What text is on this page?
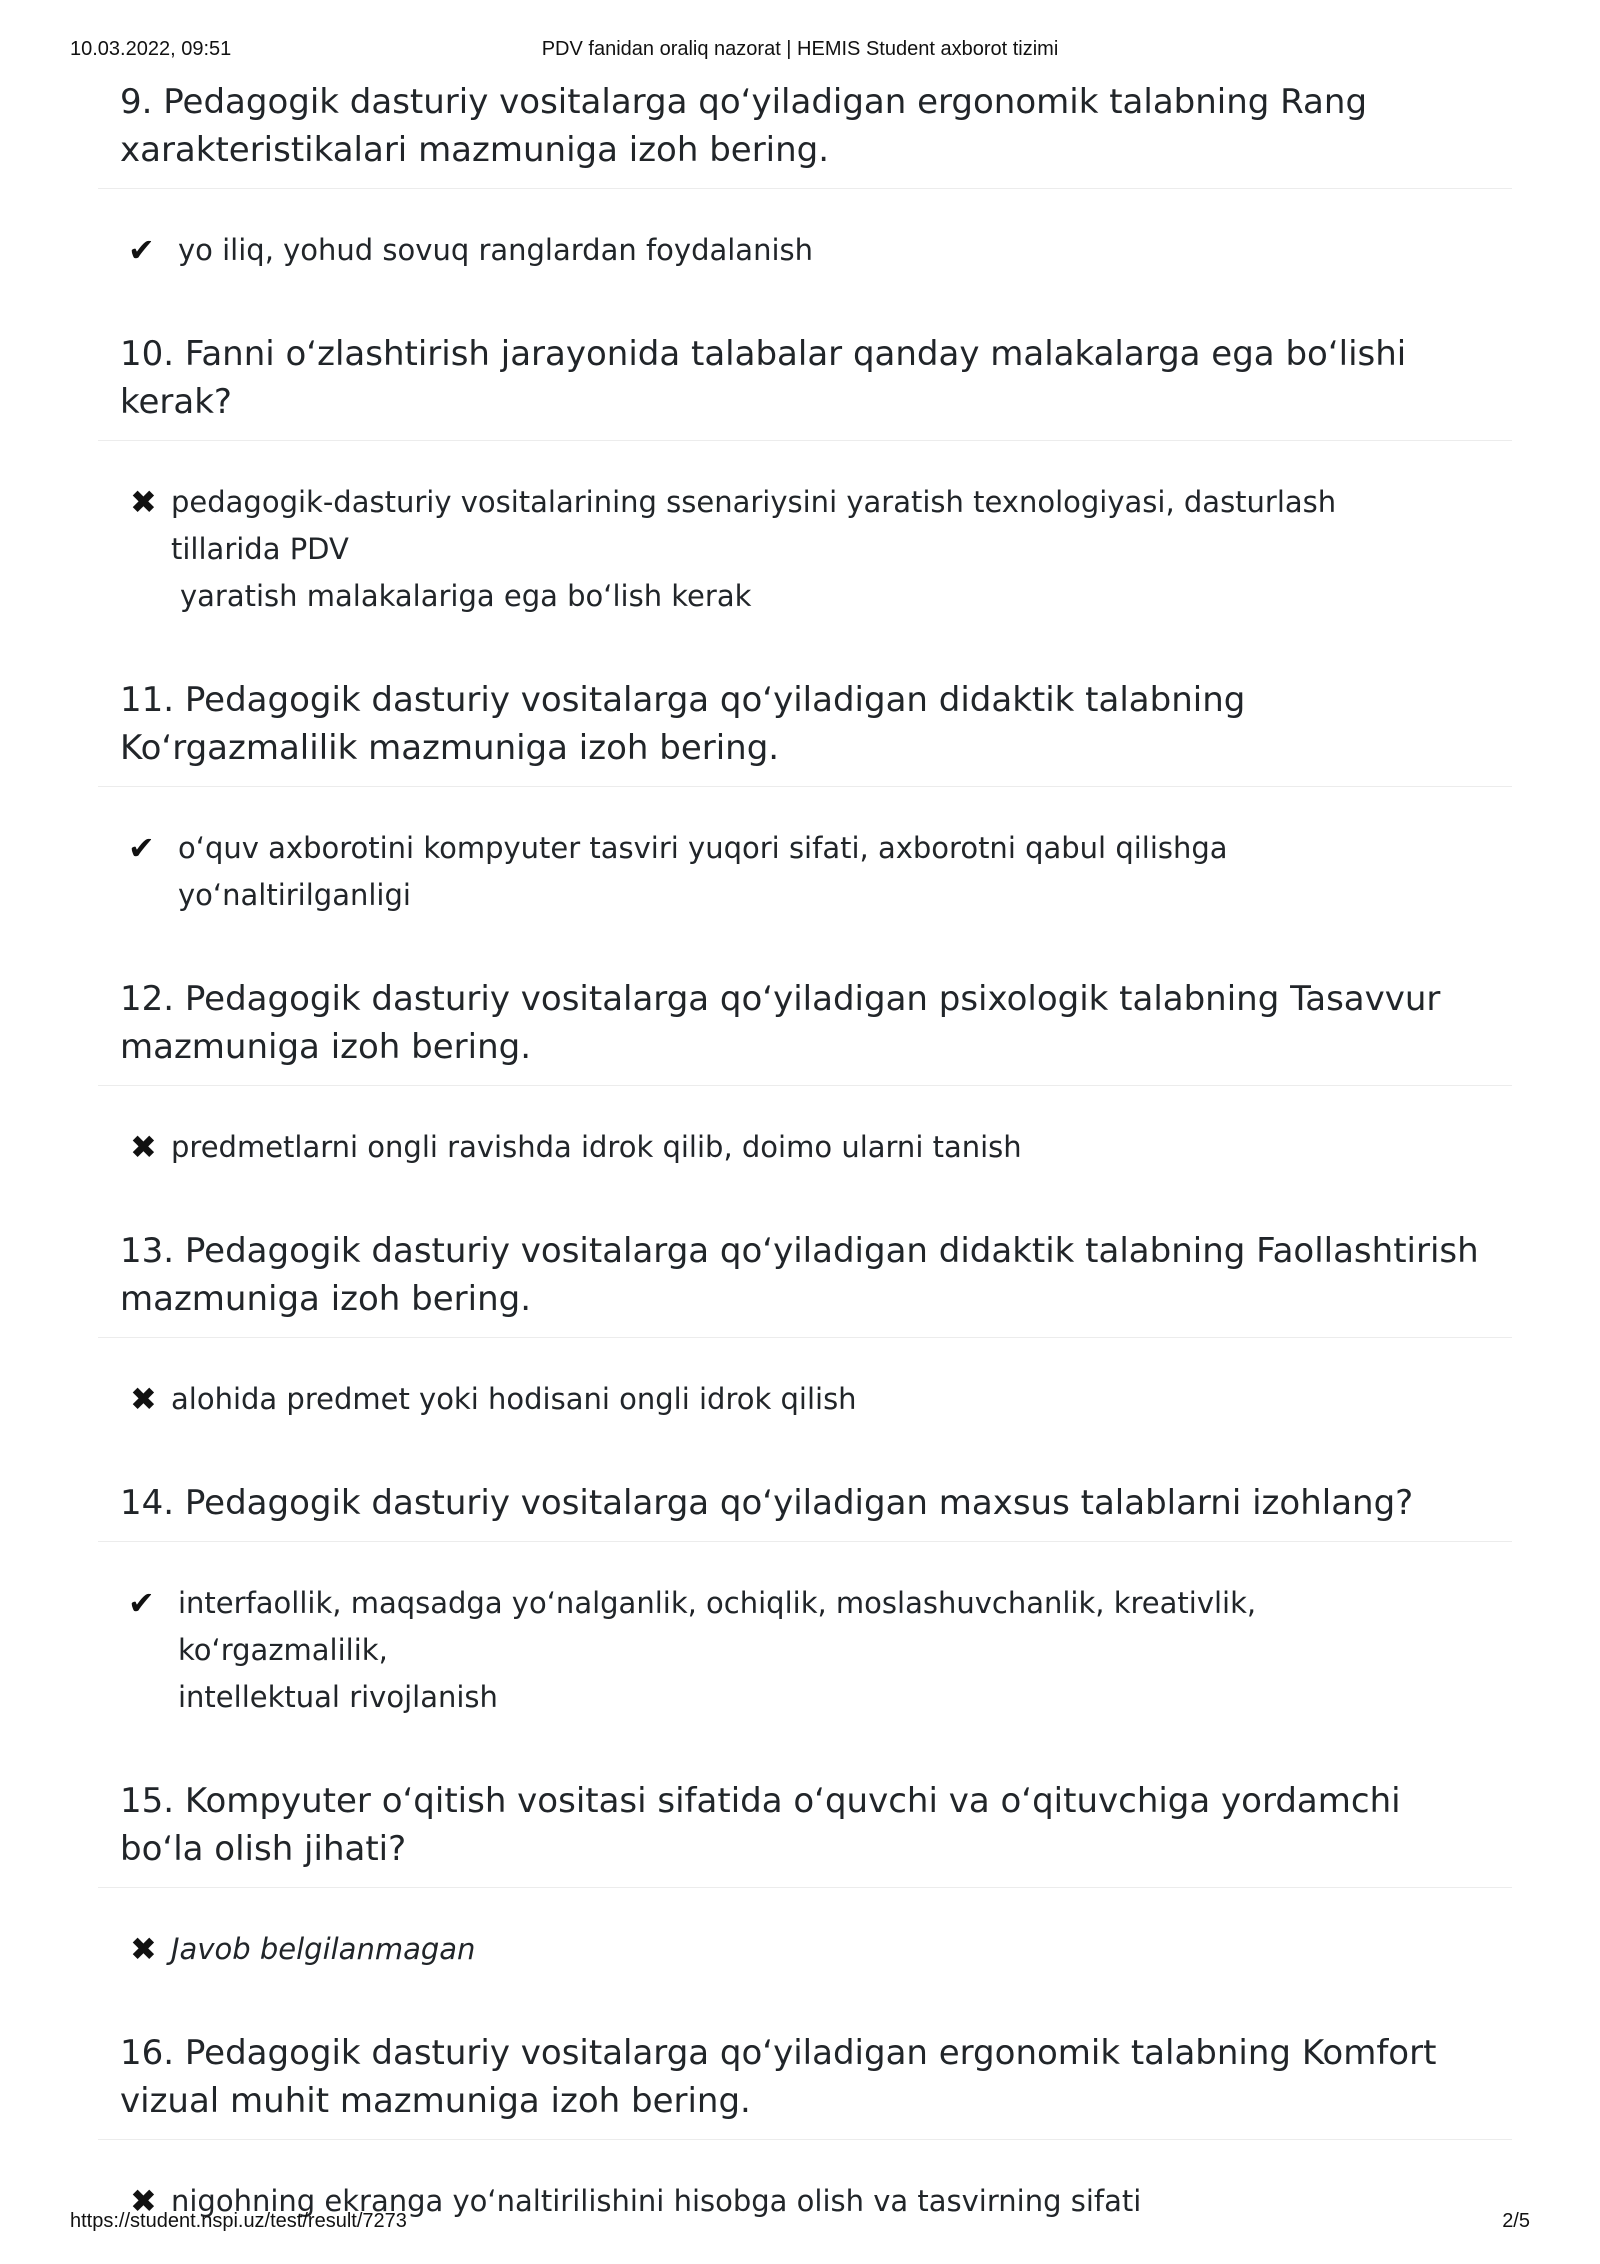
10.03.2022, 09:51	PDV fanidan oraliq nazorat | HEMIS Student axborot tizimi
9. Pedagogik dasturiy vositalarga qo‘yiladigan ergonomik talabning Rang xarakteristikalari mazmuniga izoh bering.
✔ yo iliq, yohud sovuq ranglardan foydalanish
10. Fanni o‘zlashtirish jarayonida talabalar qanday malakalarga ega bo‘lishi kerak?
✖ pedagogik-dasturiy vositalarining ssenariysini yaratish texnologiyasi, dasturlash tillarida PDV
yaratish malakalariga ega bo‘lish kerak
11. Pedagogik dasturiy vositalarga qo‘yiladigan didaktik talabning Ko‘rgazmalilik mazmuniga izoh bering.
✔ o‘quv axborotini kompyuter tasviri yuqori sifati, axborotni qabul qilishga yo‘naltirilganligi
12. Pedagogik dasturiy vositalarga qo‘yiladigan psixologik talabning Tasavvur mazmuniga izoh bering.
✖ predmetlarni ongli ravishda idrok qilib, doimo ularni tanish
13. Pedagogik dasturiy vositalarga qo‘yiladigan didaktik talabning Faollashtirish mazmuniga izoh bering.
✖ alohida predmet yoki hodisani ongli idrok qilish
14. Pedagogik dasturiy vositalarga qo‘yiladigan maxsus talablarni izohlang?
✔ interfaollik, maqsadga yo‘nalganlik, ochiqlik, moslashuvchanlik, kreativlik, ko‘rgazmalilik,
intellektual rivojlanish
15. Kompyuter o‘qitish vositasi sifatida o‘quvchi va o‘qituvchiga yordamchi bo‘la olish jihati?
✖ Javob belgilanmagan
16. Pedagogik dasturiy vositalarga qo‘yiladigan ergonomik talabning Komfort vizual muhit mazmuniga izoh bering.
✖ nigohning ekranga yo‘naltirilishini hisobga olish va tasvirning sifati
https://student.nspi.uz/test/result/7273	2/5
